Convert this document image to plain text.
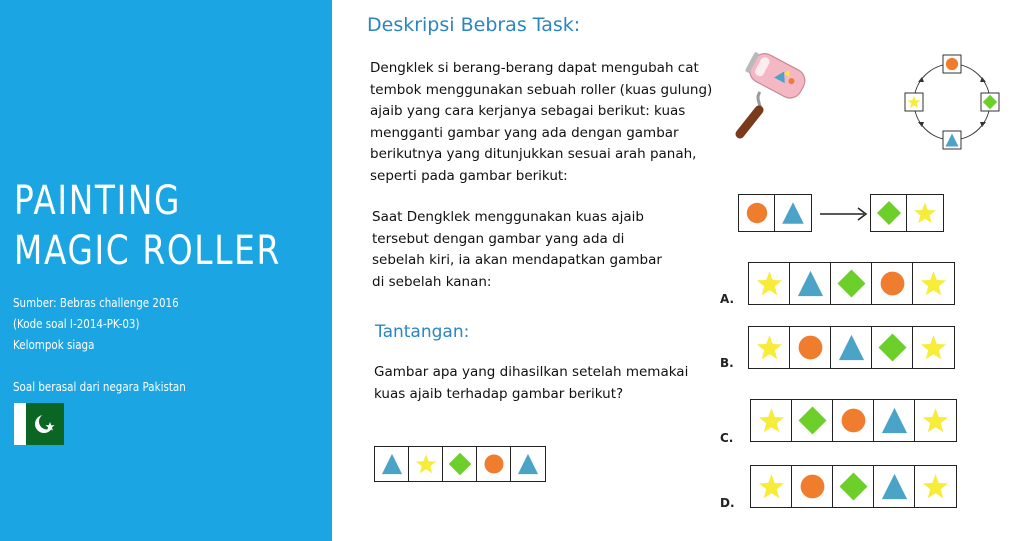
PAINTING
MAGIC ROLLER
Sumber: Bebras challenge 2016
(Kode soal I-2014-PK-03)
Kelompok siaga
Soal berasal dari negara Pakistan
Deskripsi Bebras Task:
Dengklek si berang-berang dapat mengubah cat
tembok menggunakan sebuah roller (kuas gulung)
ajaib yang cara kerjanya sebagai berikut: kuas
mengganti gambar yang ada dengan gambar
berikutnya yang ditunjukkan sesuai arah panah,
seperti pada gambar berikut:
Saat Dengklek menggunakan kuas ajaib
tersebut dengan gambar yang ada di
sebelah kiri, ia akan mendapatkan gambar
di sebelah kanan:
Tantangan:
Gambar apa yang dihasilkan setelah memakai
kuas ajaib terhadap gambar berikut?
A.
B.
C.
D.
